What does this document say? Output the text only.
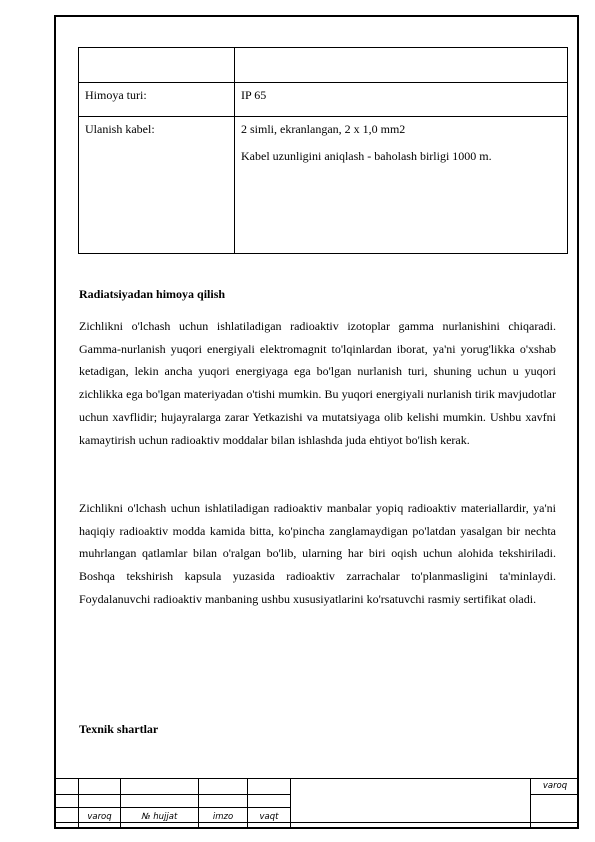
Himoya turi:	IP 65

Ulanish kabel:	2 simli, ekranlangan, 2 x 1,0 mm2
Kabel uzunligini aniqlash - baholash birligi 1000 m.
Radiatsiyadan himoya qilish

Zichlikni o'lchash uchun ishlatiladigan radioaktiv izotoplar gamma nurlanishini chiqaradi. Gamma-nurlanish yuqori energiyali elektromagnit to'lqinlardan iborat, ya'ni yorug'likka o'xshab ketadigan, lekin ancha yuqori energiyaga ega bo'lgan nurlanish turi, shuning uchun u yuqori zichlikka ega bo'lgan materiyadan o'tishi mumkin. Bu yuqori energiyali nurlanish tirik mavjudotlar uchun xavflidir; hujayralarga zarar Yetkazishi va mutatsiyaga olib kelishi mumkin. Ushbu xavfni kamaytirish uchun radioaktiv moddalar bilan ishlashda juda ehtiyot bo'lish kerak.

Zichlikni o'lchash uchun ishlatiladigan radioaktiv manbalar yopiq radioaktiv materiallardir, ya'ni haqiqiy radioaktiv modda kamida bitta, ko'pincha zanglamaydigan po'latdan yasalgan bir nechta muhrlangan qatlamlar bilan o'ralgan bo'lib, ularning har biri oqish uchun alohida tekshiriladi. Boshqa tekshirish kapsula yuzasida radioaktiv zarrachalar to'planmasligini ta'minlaydi. Foydalanuvchi radioaktiv manbaning ushbu xususiyatlarini ko'rsatuvchi rasmiy sertifikat oladi.

Texnik shartlar
varoq
varoq	№ hujjat	imzo	vaqt
